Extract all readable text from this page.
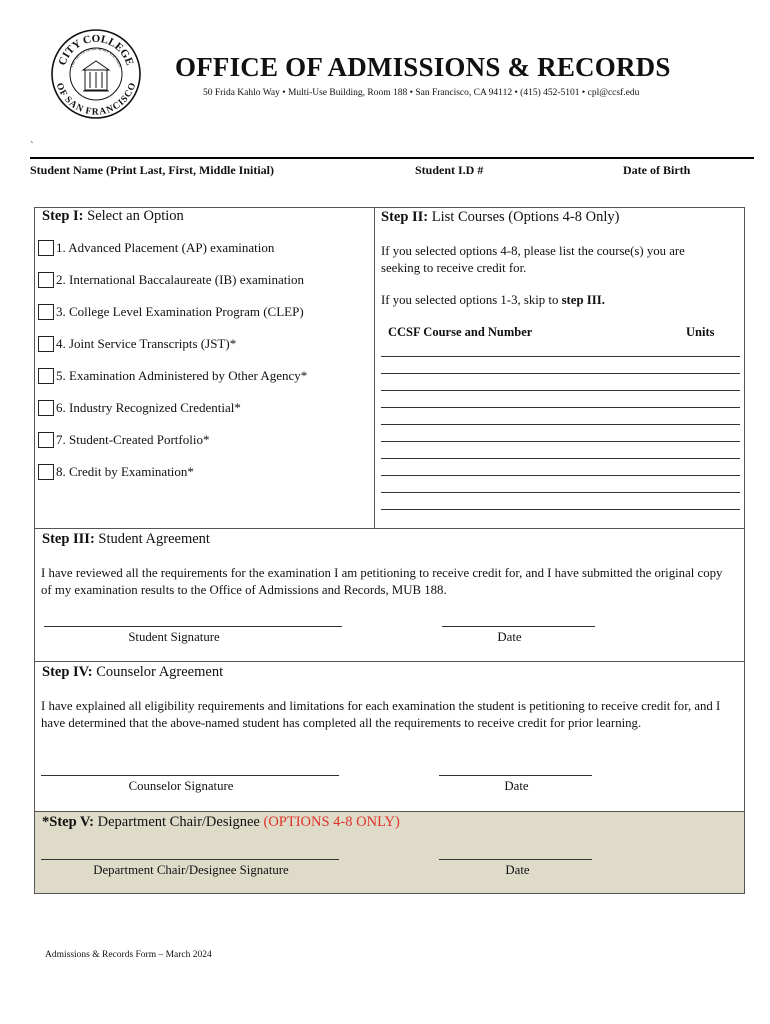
CITY COLLEGE
OF SAN FRANCISCO
THE TRUTH SHALL MAKE YOU FREE OFFICE OF ADMISSIONS & RECORDS
50 Frida Kahlo Way • Multi-Use Building, Room 188 • San Francisco, CA 94112 • (415) 452-5101 • cpl@ccsf.edu
`
Student Name (Print Last, First, Middle Initial)	Student I.D #	Date of Birth
Step I: Select an Option
1. Advanced Placement (AP) examination
2. International Baccalaureate (IB) examination
3. College Level Examination Program (CLEP)
4. Joint Service Transcripts (JST)*
5. Examination Administered by Other Agency*
6. Industry Recognized Credential*
7. Student-Created Portfolio*
8. Credit by Examination*
Step II: List Courses (Options 4-8 Only)
If you selected options 4-8, please list the course(s) you are seeking to receive credit for.
If you selected options 1-3, skip to step III.
CCSF Course and Number	Units
Step III: Student Agreement
I have reviewed all the requirements for the examination I am petitioning to receive credit for, and I have submitted the original copy of my examination results to the Office of Admissions and Records, MUB 188.
Student Signature	Date
Step IV: Counselor Agreement
I have explained all eligibility requirements and limitations for each examination the student is petitioning to receive credit for, and I have determined that the above-named student has completed all the requirements to receive credit for prior learning.
Counselor Signature	Date
*Step V: Department Chair/Designee (OPTIONS 4-8 ONLY)
Department Chair/Designee Signature	Date
Admissions & Records Form – March 2024
